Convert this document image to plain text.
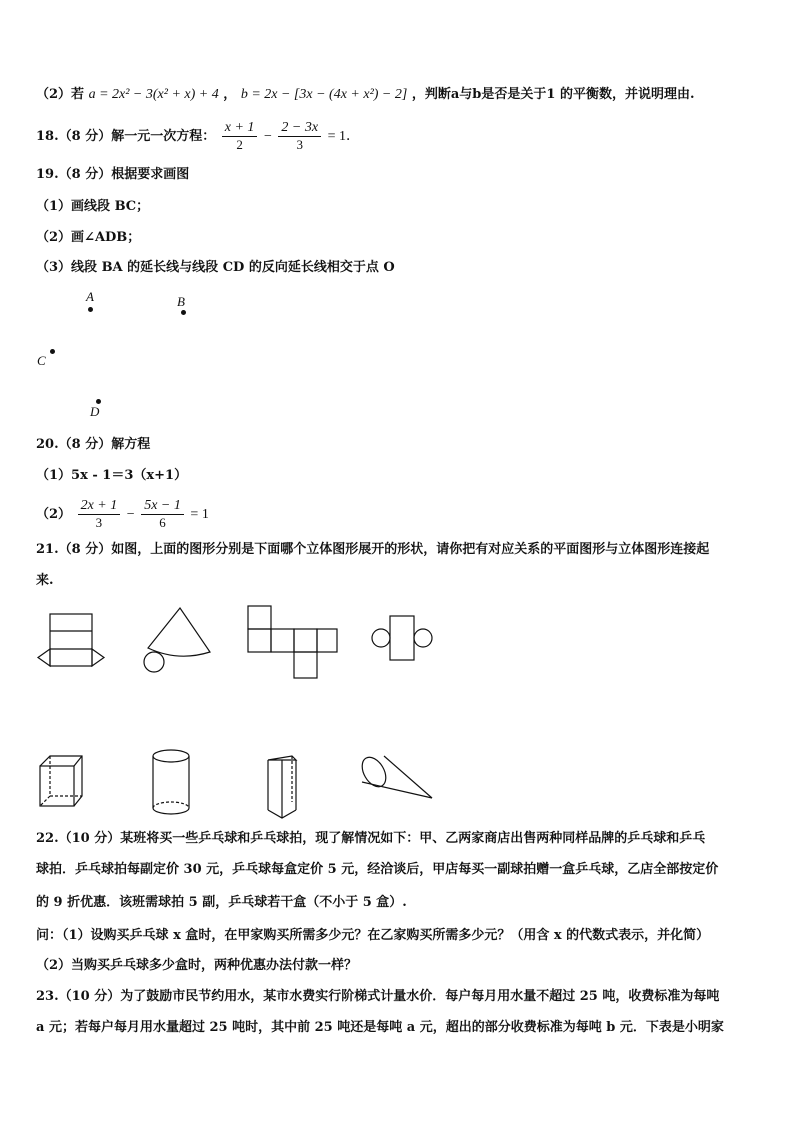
（2）若 a = 2x² − 3(x² + x) + 4 ， b = 2x − [3x − (4x + x²) − 2] ，判断a与b是否是关于1 的平衡数，并说明理由.
18.（8 分）解一元一次方程： $\frac{x + 1}{2} - \frac{2 - 3x}{3} = 1$．
19.（8 分）根据要求画图
（1）画线段 BC；
（2）画∠ADB；
（3）线段 BA 的延长线与线段 CD 的反向延长线相交于点 O
A	B
C
D
20.（8 分）解方程
（1）5x - 1＝3（x+1）
$(2) \frac{2x + 1}{3} - \frac{5x - 1}{6} = 1$
21.（8 分）如图，上面的图形分别是下面哪个立体图形展开的形状，请你把有对应关系的平面图形与立体图形连接起
来.
22.（10 分）某班将买一些乒乓球和乒乓球拍，现了解情况如下：甲、乙两家商店出售两种同样品牌的乒乓球和乒乓
球拍．乒乓球拍每副定价 30 元，乒乓球每盒定价 5 元，经洽谈后，甲店每买一副球拍赠一盒乒乓球，乙店全部按定价
的 9 折优惠．该班需球拍 5 副，乒乓球若干盒（不小于 5 盒）.
问：（1）设购买乒乓球 x 盒时，在甲家购买所需多少元？在乙家购买所需多少元？（用含 x 的代数式表示，并化简）
（2）当购买乒乓球多少盒时，两种优惠办法付款一样？
23.（10 分）为了鼓励市民节约用水，某市水费实行阶梯式计量水价．每户每月用水量不超过 25 吨，收费标准为每吨
a 元；若每户每月用水量超过 25 吨时，其中前 25 吨还是每吨 a 元，超出的部分收费标准为每吨 b 元．下表是小明家
